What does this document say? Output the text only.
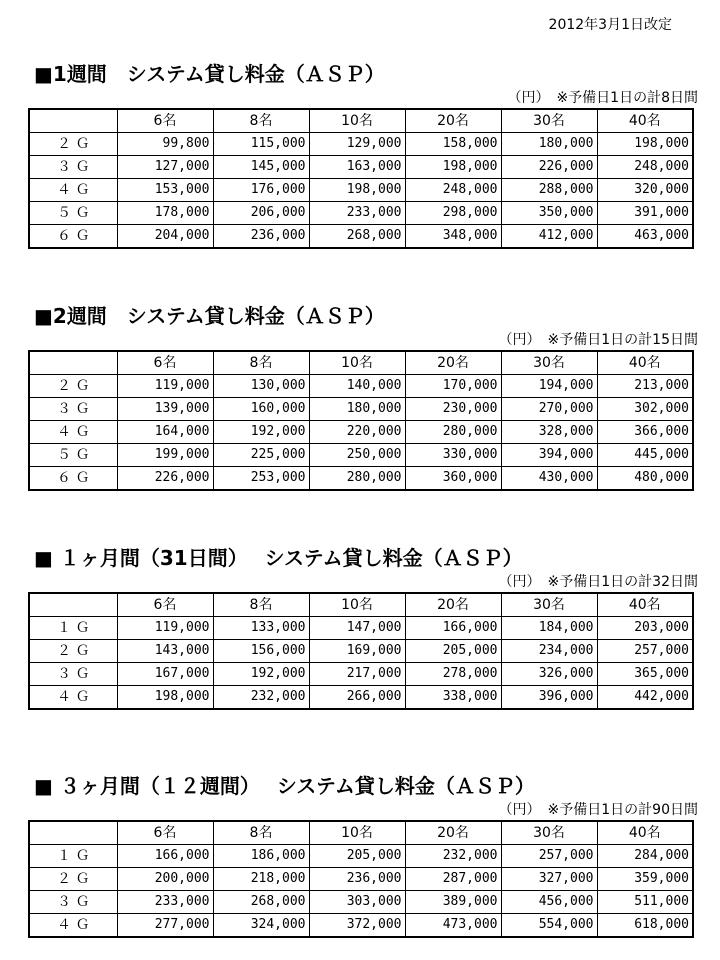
2012年3月1日改定
■1週間　システム貸し料金（ＡＳＰ）
（円）　※予備日1日の計8日間
	6名	8名	10名	20名	30名	40名
２ Ｇ	99,800	115,000	129,000	158,000	180,000	198,000
３ Ｇ	127,000	145,000	163,000	198,000	226,000	248,000
４ Ｇ	153,000	176,000	198,000	248,000	288,000	320,000
５ Ｇ	178,000	206,000	233,000	298,000	350,000	391,000
６ Ｇ	204,000	236,000	268,000	348,000	412,000	463,000
■2週間　システム貸し料金（ＡＳＰ）
（円）　※予備日1日の計15日間
	6名	8名	10名	20名	30名	40名
２ Ｇ	119,000	130,000	140,000	170,000	194,000	213,000
３ Ｇ	139,000	160,000	180,000	230,000	270,000	302,000
４ Ｇ	164,000	192,000	220,000	280,000	328,000	366,000
５ Ｇ	199,000	225,000	250,000	330,000	394,000	445,000
６ Ｇ	226,000	253,000	280,000	360,000	430,000	480,000
■ １ヶ月間（31日間）　 システム貸し料金（ＡＳＰ）
（円）　※予備日1日の計32日間
	6名	8名	10名	20名	30名	40名
１ Ｇ	119,000	133,000	147,000	166,000	184,000	203,000
２ Ｇ	143,000	156,000	169,000	205,000	234,000	257,000
３ Ｇ	167,000	192,000	217,000	278,000	326,000	365,000
４ Ｇ	198,000	232,000	266,000	338,000	396,000	442,000
■ ３ヶ月間（１２週間）　 システム貸し料金（ＡＳＰ）
（円）　※予備日1日の計90日間
	6名	8名	10名	20名	30名	40名
１ Ｇ	166,000	186,000	205,000	232,000	257,000	284,000
２ Ｇ	200,000	218,000	236,000	287,000	327,000	359,000
３ Ｇ	233,000	268,000	303,000	389,000	456,000	511,000
４ Ｇ	277,000	324,000	372,000	473,000	554,000	618,000
